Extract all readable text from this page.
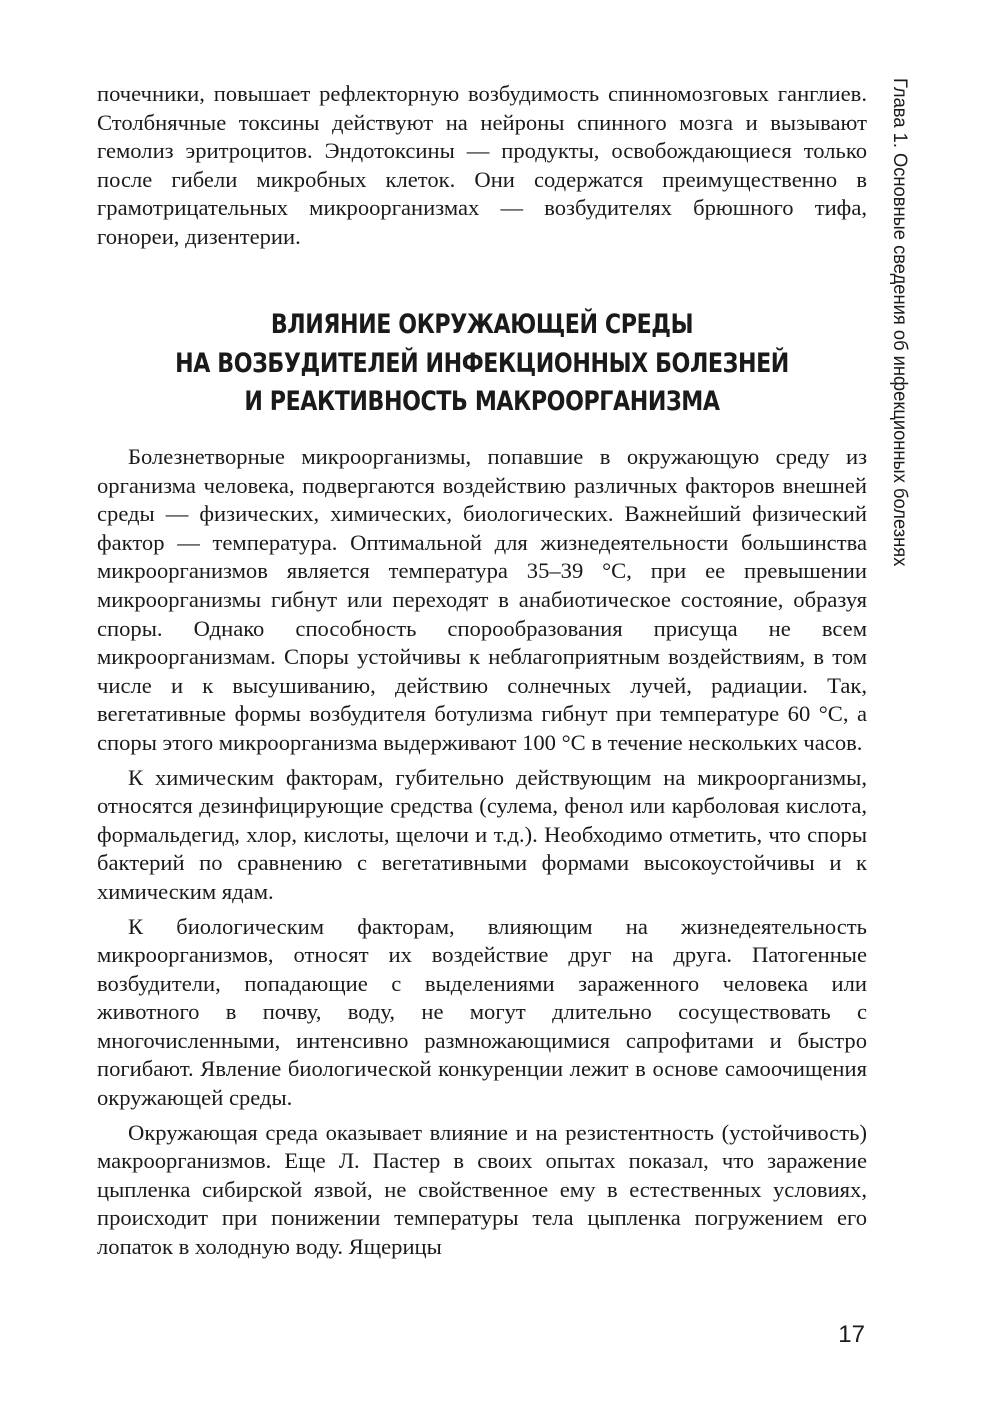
почечники, повышает рефлекторную возбудимость спинномозговых ганглиев. Столбнячные токсины действуют на нейроны спинного мозга и вызывают гемолиз эритроцитов. Эндотоксины — продукты, освобождающиеся только после гибели микробных клеток. Они содержатся преимущественно в грамотрицательных микроорганизмах — возбудителях брюшного тифа, гонореи, дизентерии.

ВЛИЯНИЕ ОКРУЖАЮЩЕЙ СРЕДЫ
НА ВОЗБУДИТЕЛЕЙ ИНФЕКЦИОННЫХ БОЛЕЗНЕЙ
И РЕАКТИВНОСТЬ МАКРООРГАНИЗМА

Болезнетворные микроорганизмы, попавшие в окружающую среду из организма человека, подвергаются воздействию различных факторов внешней среды — физических, химических, биологических. Важнейший физический фактор — температура. Оптимальной для жизнедеятельности большинства микроорганизмов является температура 35–39 °С, при ее превышении микроорганизмы гибнут или переходят в анабиотическое состояние, образуя споры. Однако способность спорообразования присуща не всем микроорганизмам. Споры устойчивы к неблагоприятным воздействиям, в том числе и к высушиванию, действию солнечных лучей, радиации. Так, вегетативные формы возбудителя ботулизма гибнут при температуре 60 °С, а споры этого микроорганизма выдерживают 100 °С в течение нескольких часов.

К химическим факторам, губительно действующим на микроорганизмы, относятся дезинфицирующие средства (сулема, фенол или карболовая кислота, формальдегид, хлор, кислоты, щелочи и т.д.). Необходимо отметить, что споры бактерий по сравнению с вегетативными формами высокоустойчивы и к химическим ядам.

К биологическим факторам, влияющим на жизнедеятельность микроорганизмов, относят их воздействие друг на друга. Патогенные возбудители, попадающие с выделениями зараженного человека или животного в почву, воду, не могут длительно сосуществовать с многочисленными, интенсивно размножающимися сапрофитами и быстро погибают. Явление биологической конкуренции лежит в основе самоочищения окружающей среды.

Окружающая среда оказывает влияние и на резистентность (устойчивость) макроорганизмов. Еще Л. Пастер в своих опытах показал, что заражение цыпленка сибирской язвой, не свойственное ему в естественных условиях, происходит при понижении температуры тела цыпленка погружением его лопаток в холодную воду. Ящерицы

Глава 1. Основные сведения об инфекционных болезнях
17
